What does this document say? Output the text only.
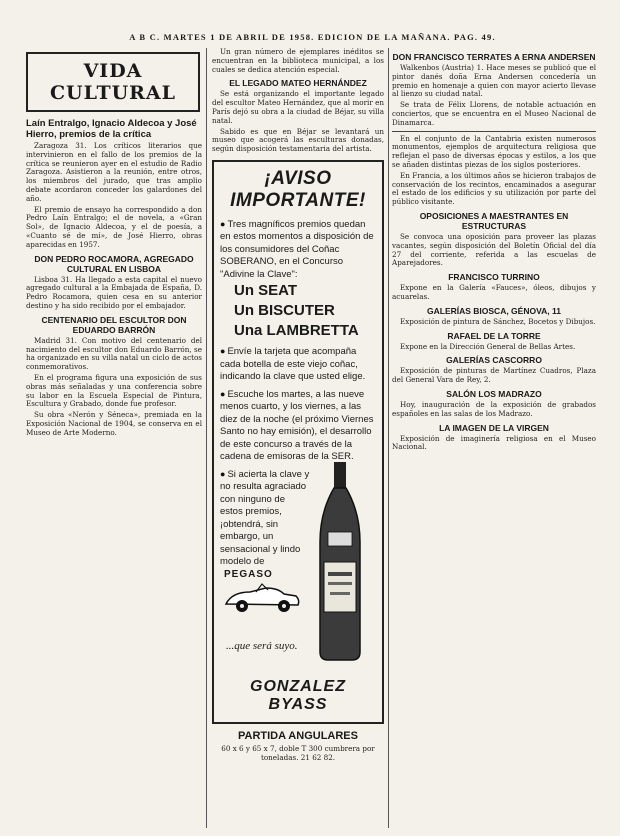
A B C. MARTES 1 DE ABRIL DE 1958. EDICION DE LA MAÑANA. PAG. 49.
VIDA CULTURAL
Laín Entralgo, Ignacio Aldecoa y José Hierro, premios de la crítica

Zaragoza 31. Los críticos literarios que intervinieron en el fallo de los premios de la crítica se reunieron ayer en el estudio de Radio Zaragoza. Asistieron a la reunión, entre otros, los miembros del jurado, que tras amplio debate acordaron conceder los galardones del año.

El premio de ensayo ha correspondido a don Pedro Laín Entralgo; el de novela, a «Gran Sol», de Ignacio Aldecoa, y el de poesía, a «Cuanto sé de mí», de José Hierro, obras aparecidas en 1957.

DON PEDRO ROCAMORA, AGREGADO CULTURAL EN LISBOA

Lisboa 31. Ha llegado a esta capital el nuevo agregado cultural a la Embajada de España, D. Pedro Rocamora, quien cesa en su anterior destino y ha sido recibido por el embajador.

CENTENARIO DEL ESCULTOR DON EDUARDO BARRÓN

Madrid 31. Con motivo del centenario del nacimiento del escultor don Eduardo Barrón, se ha organizado en su villa natal un ciclo de actos conmemorativos.

En el programa figura una exposición de sus obras más señaladas y una conferencia sobre su labor en la Escuela Especial de Pintura, Escultura y Grabado, donde fue profesor.

Su obra «Nerón y Séneca», premiada en la Exposición Nacional de 1904, se conserva en el Museo de Arte Moderno.

Un gran número de ejemplares inéditos se encuentran en la biblioteca municipal, a los cuales se dedica atención especial.

EL LEGADO MATEO HERNÁNDEZ

Se está organizando el importante legado del escultor Mateo Hernández, que al morir en París dejó su obra a la ciudad de Béjar, su villa natal.

Sabido es que en Béjar se levantará un museo que acogerá las esculturas donadas, según disposición testamentaria del artista.

¡AVISO IMPORTANTE!
● Tres magníficos premios quedan en estos momentos a disposición de los consumidores del Coñac SOBERANO, en el Concurso "Adivine la Clave":
Un SEAT
Un BISCUTER
Una LAMBRETTA
● Envíe la tarjeta que acompaña cada botella de este viejo coñac, indicando la clave que usted elige.
● Escuche los martes, a las nueve menos cuarto, y los viernes, a las diez de la noche (el próximo Viernes Santo no hay emisión), el desarrollo de este concurso a través de la cadena de emisoras de la SER.
● Si acierta la clave y no resulta agraciado con ninguno de estos premios, ¡obtendrá, sin embargo, un sensacional y lindo modelo de
PEGASO
...que será suyo.
GONZALEZ BYASS
PARTIDA ANGULARES

60 x 6 y 65 x 7, doble T 300 cumbrera por toneladas. 21 62 82.

DON FRANCISCO TERRATES A ERNA ANDERSEN

Walkenbos (Austria) 1. Hace meses se publicó que el pintor danés doña Erna Andersen concedería un premio en homenaje a quien con mayor acierto llevase al lienzo su ciudad natal.

Se trata de Félix Llorens, de notable actuación en conciertos, que se encuentra en el Museo Nacional de Dinamarca.

En el conjunto de la Cantabria existen numerosos monumentos, ejemplos de arquitectura religiosa que reflejan el paso de diversas épocas y estilos, a los que se añaden distintas piezas de los siglos posteriores.

En Francia, a los últimos años se hicieron trabajos de conservación de los recintos, encaminados a asegurar el estado de los edificios y su utilización por parte del público visitante.

OPOSICIONES A MAESTRANTES EN ESTRUCTURAS

Se convoca una oposición para proveer las plazas vacantes, según disposición del Boletín Oficial del día 27 del corriente, referida a las escuelas de Aparejadores.

FRANCISCO TURRINO

Expone en la Galería «Fauces», óleos, dibujos y acuarelas.

GALERÍAS BIOSCA, GÉNOVA, 11

Exposición de pintura de Sánchez, Bocetos y Dibujos.

RAFAEL DE LA TORRE

Expone en la Dirección General de Bellas Artes.

GALERÍAS CASCORRO

Exposición de pinturas de Martínez Cuadros, Plaza del General Vara de Rey, 2.

SALÓN LOS MADRAZO

Hoy, inauguración de la exposición de grabados españoles en las salas de los Madrazo.

LA IMAGEN DE LA VIRGEN

Exposición de imaginería religiosa en el Museo Nacional.
